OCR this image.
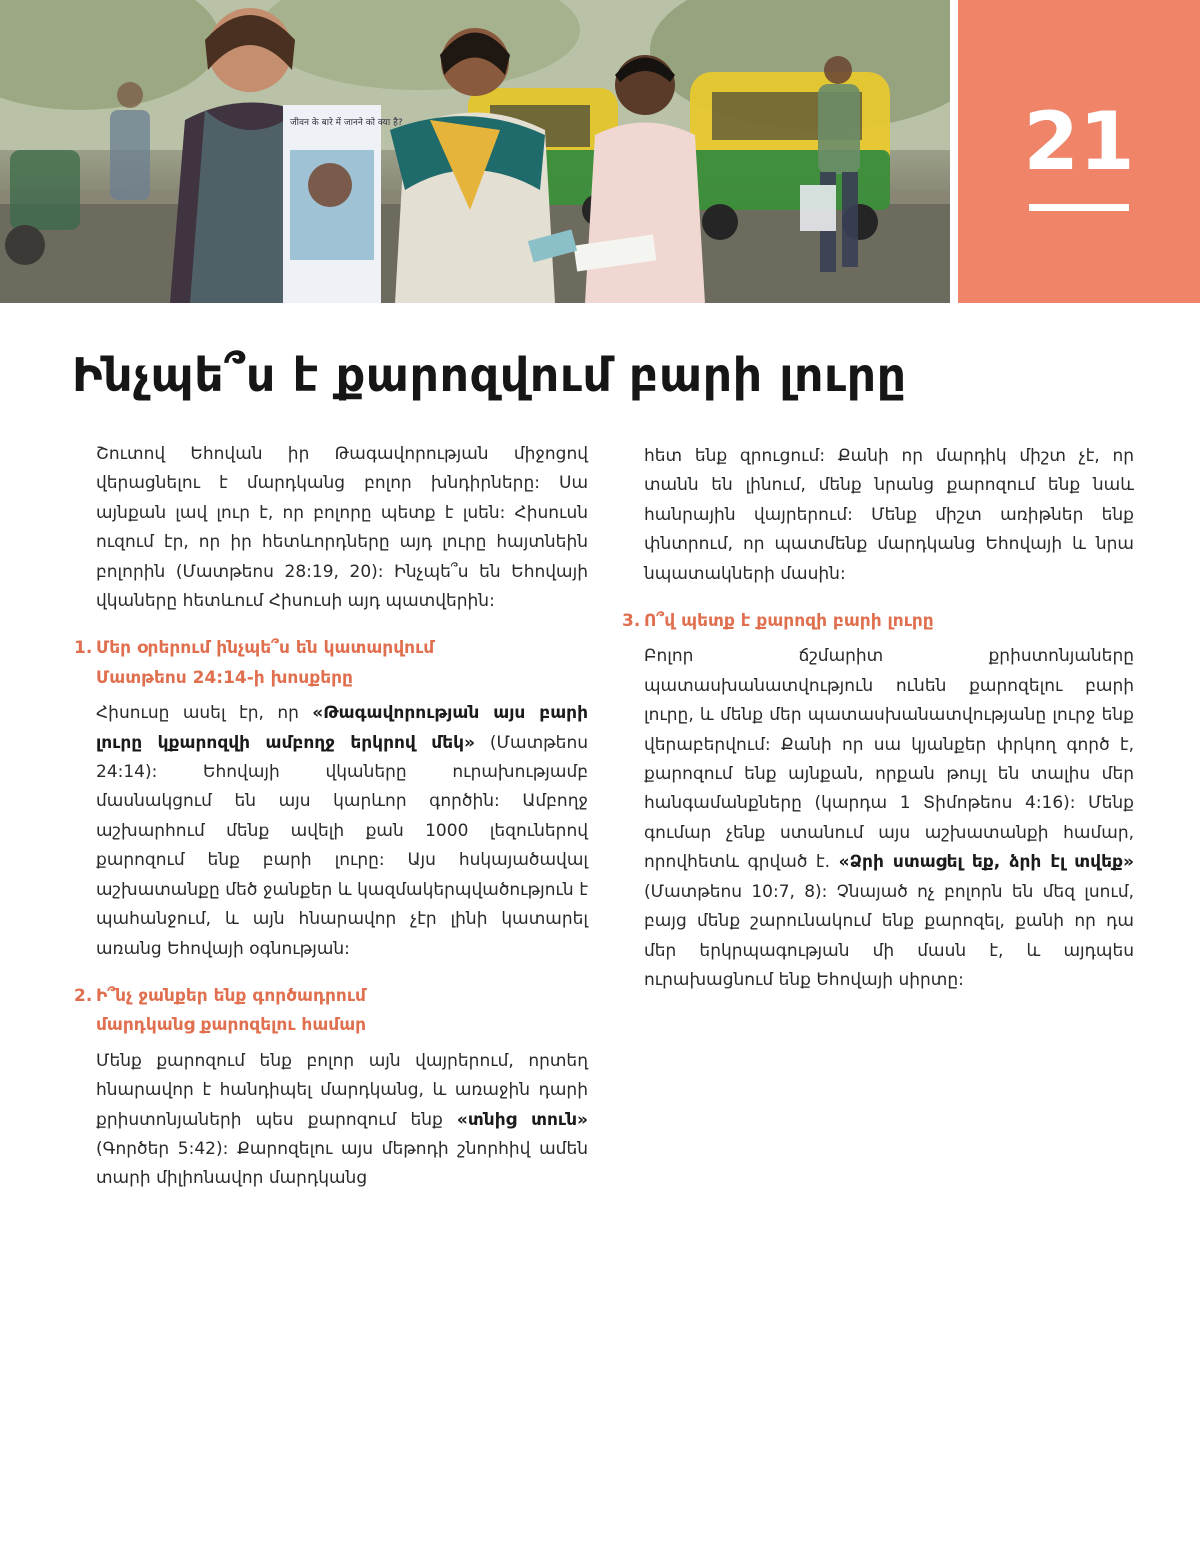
जीवन के बारे में जानने को क्या है?	21
Ինչպե՞ս է քարոզվում բարի լուրը

Շուտով Եհովան իր Թագավորության միջոցով վերացնելու է մարդկանց բոլոր խնդիրները: Սա այնքան լավ լուր է, որ բոլորը պետք է լսեն: Հիսուսն ուզում էր, որ իր հետևորդները այդ լուրը հայտնեին բոլորին (Մատթեոս 28:19, 20): Ինչպե՞ս են Եհովայի վկաները հետևում Հիսուսի այդ պատվերին:

1. Մեր օրերում ինչպե՞ս են կատարվում
Մատթեոս 24:14-ի խոսքերը

Հիսուսը ասել էր, որ «Թագավորության այս բարի լուրը կքարոզվի ամբողջ երկրով մեկ» (Մատթեոս 24:14): Եհովայի վկաները ուրախությամբ մասնակցում են այս կարևոր գործին: Ամբողջ աշխարհում մենք ավելի քան 1000 լեզուներով քարոզում ենք բարի լուրը: Այս հսկայածավալ աշխատանքը մեծ ջանքեր և կազմակերպվածություն է պահանջում, և այն հնարավոր չէր լինի կատարել առանց Եհովայի օգնության:

2. Ի՞նչ ջանքեր ենք գործադրում
մարդկանց քարոզելու համար

Մենք քարոզում ենք բոլոր այն վայրերում, որտեղ հնարավոր է հանդիպել մարդկանց, և առաջին դարի քրիստոնյաների պես քարոզում ենք «տնից տուն» (Գործեր 5:42): Քարոզելու այս մեթոդի շնորհիվ ամեն տարի միլիոնավոր մարդկանց

հետ ենք զրուցում: Քանի որ մարդիկ միշտ չէ, որ տանն են լինում, մենք նրանց քարոզում ենք նաև հանրային վայրերում: Մենք միշտ առիթներ ենք փնտրում, որ պատմենք մարդկանց Եհովայի և նրա նպատակների մասին:

3. Ո՞վ պետք է քարոզի բարի լուրը

Բոլոր ճշմարիտ քրիստոնյաները պատասխանատվություն ունեն քարոզելու բարի լուրը, և մենք մեր պատասխանատվությանը լուրջ ենք վերաբերվում: Քանի որ սա կյանքեր փրկող գործ է, քարոզում ենք այնքան, որքան թույլ են տալիս մեր հանգամանքները (կարդա 1 Տիմոթեոս 4:16): Մենք գումար չենք ստանում այս աշխատանքի համար, որովհետև գրված է. «Ձրի ստացել եք, ձրի էլ տվեք» (Մատթեոս 10:7, 8): Չնայած ոչ բոլորն են մեզ լսում, բայց մենք շարունակում ենք քարոզել, քանի որ դա մեր երկրպագության մի մասն է, և այդպես ուրախացնում ենք Եհովայի սիրտը:
